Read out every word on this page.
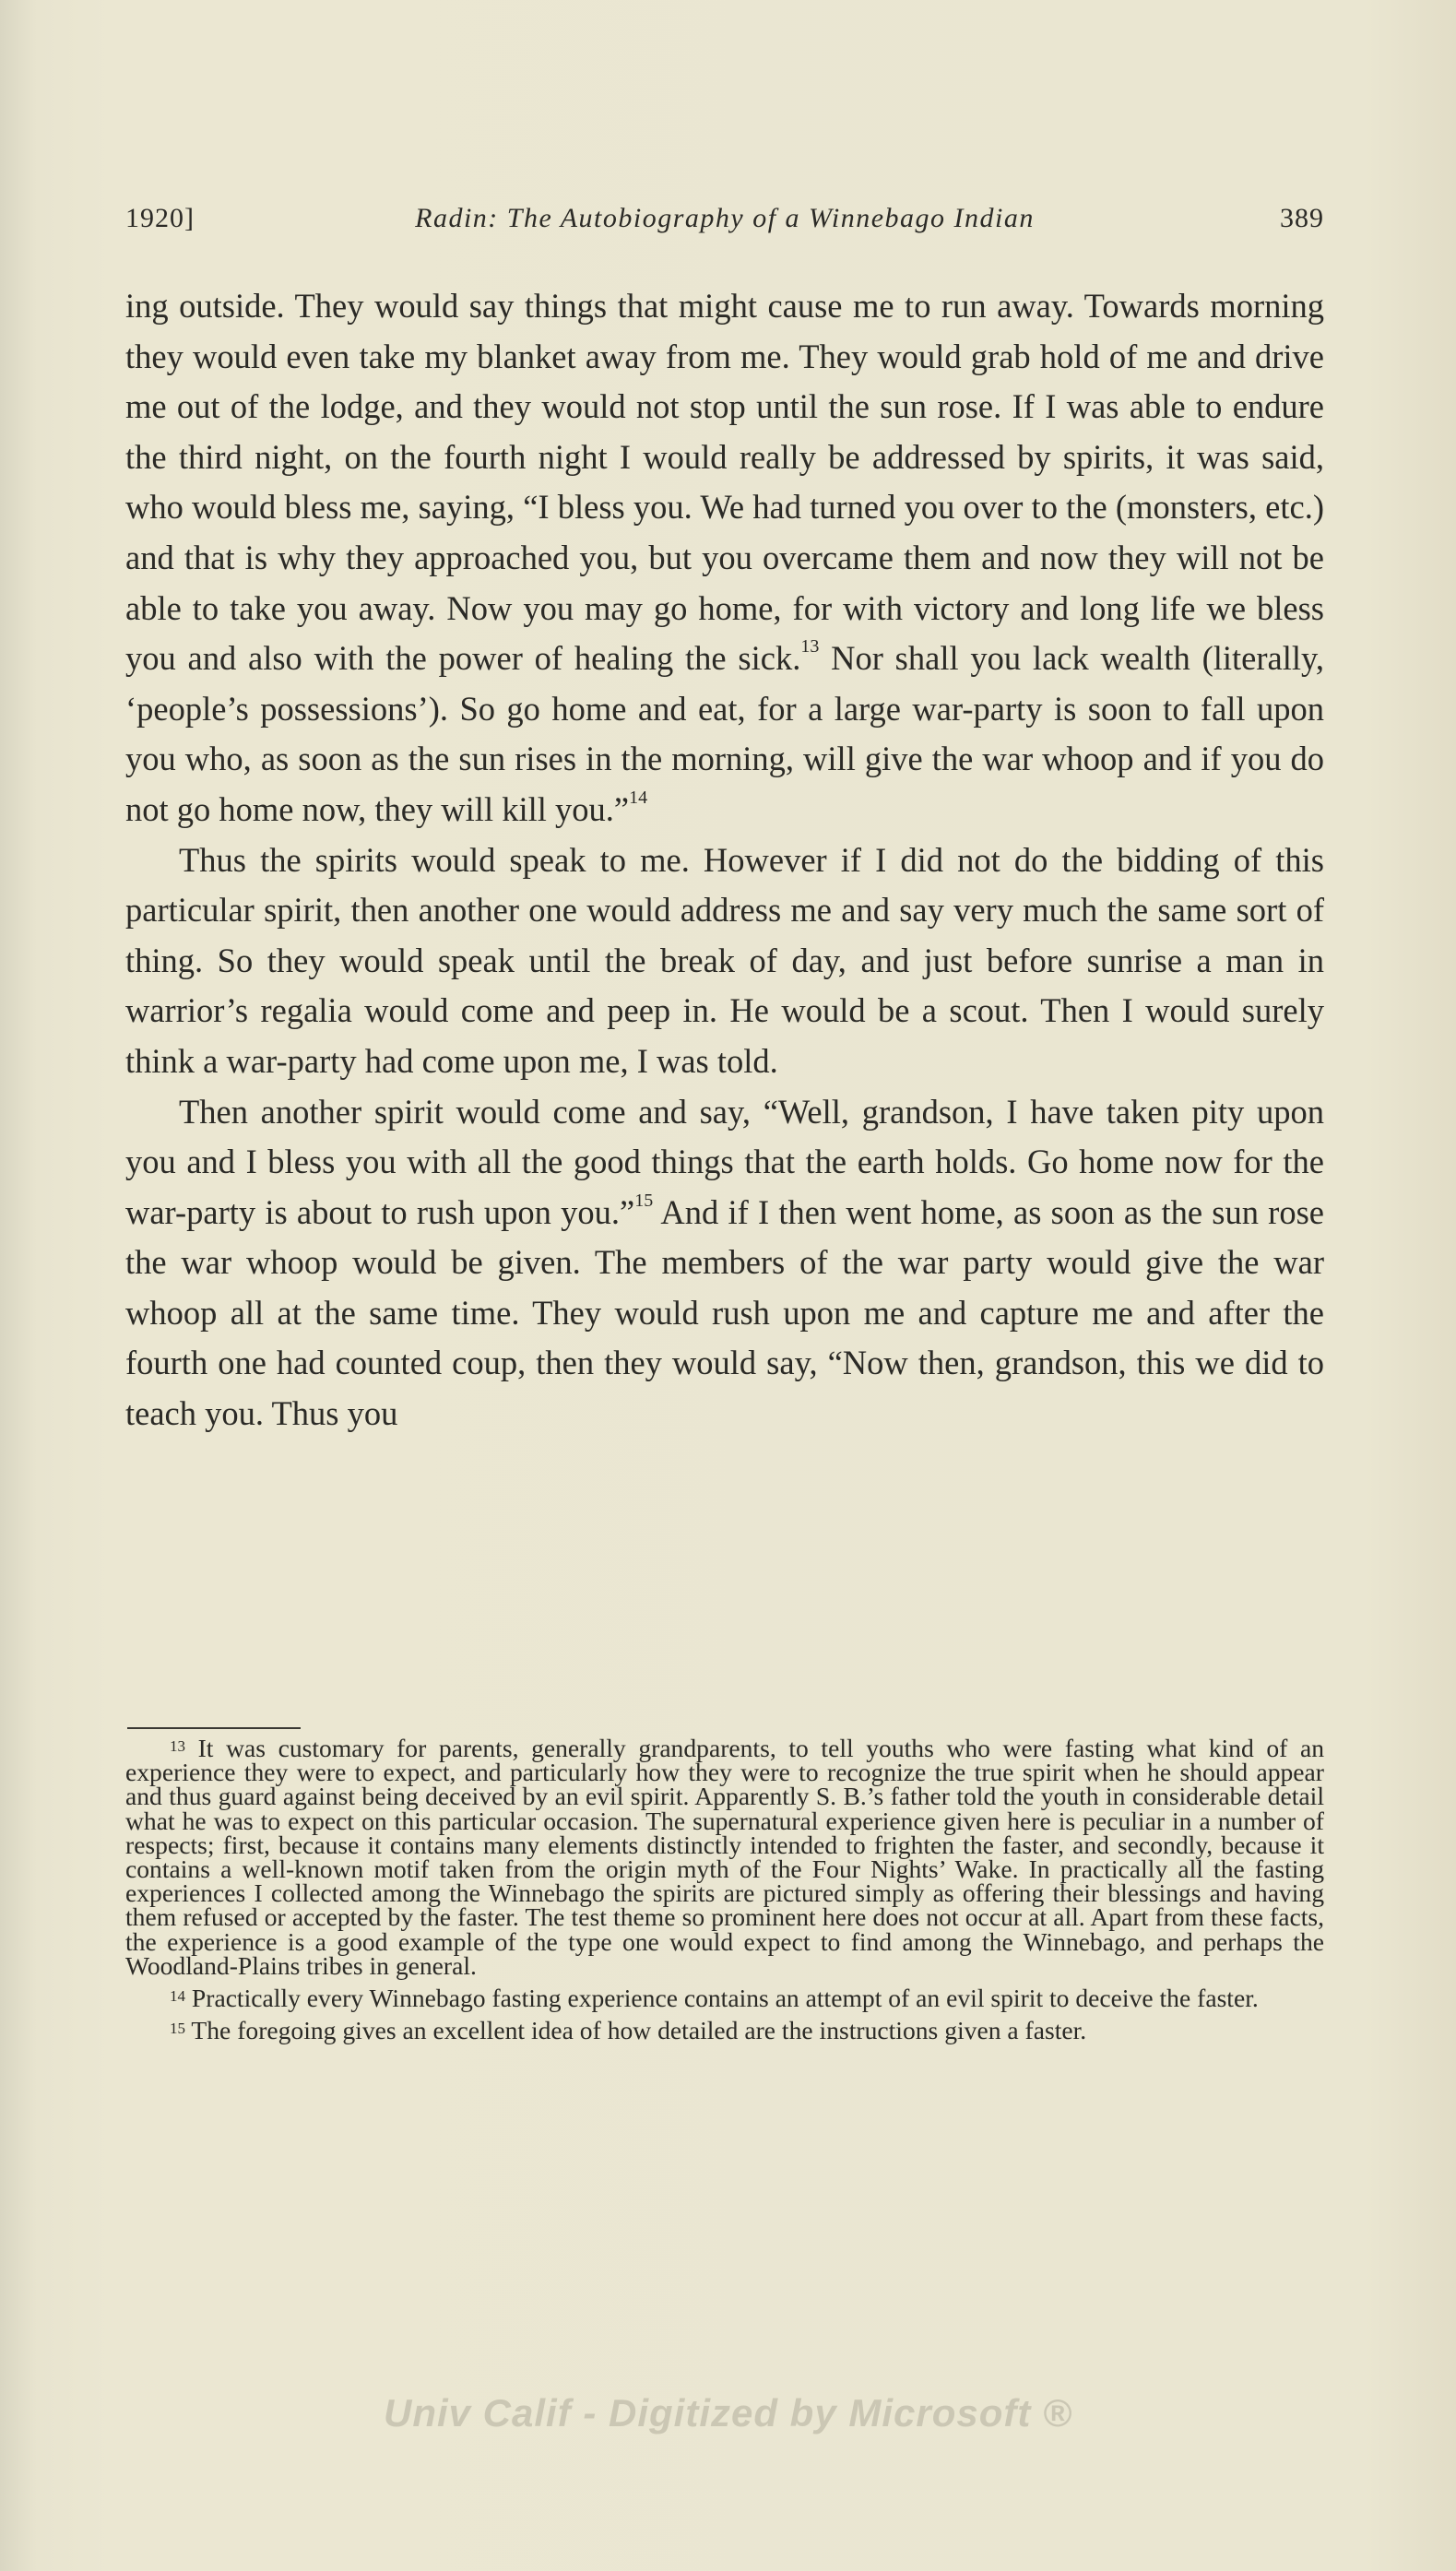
1920]	Radin: The Autobiography of a Winnebago Indian	389

ing outside. They would say things that might cause me to run away. Towards morning they would even take my blanket away from me. They would grab hold of me and drive me out of the lodge, and they would not stop until the sun rose. If I was able to endure the third night, on the fourth night I would really be addressed by spirits, it was said, who would bless me, saying, “I bless you. We had turned you over to the (monsters, etc.) and that is why they approached you, but you overcame them and now they will not be able to take you away. Now you may go home, for with victory and long life we bless you and also with the power of healing the sick.$^{13}$ Nor shall you lack wealth (literally, ‘people’s possessions’). So go home and eat, for a large war-party is soon to fall upon you who, as soon as the sun rises in the morning, will give the war whoop and if you do not go home now, they will kill you.”$^{14}$

Thus the spirits would speak to me. However if I did not do the bidding of this particular spirit, then another one would address me and say very much the same sort of thing. So they would speak until the break of day, and just before sunrise a man in warrior’s regalia would come and peep in. He would be a scout. Then I would surely think a war-party had come upon me, I was told.

Then another spirit would come and say, “Well, grandson, I have taken pity upon you and I bless you with all the good things that the earth holds. Go home now for the war-party is about to rush upon you.”$^{15}$ And if I then went home, as soon as the sun rose the war whoop would be given. The members of the war party would give the war whoop all at the same time. They would rush upon me and capture me and after the fourth one had counted coup, then they would say, “Now then, grandson, this we did to teach you. Thus you

$^{13}$ It was customary for parents, generally grandparents, to tell youths who were fasting what kind of an experience they were to expect, and particularly how they were to recognize the true spirit when he should appear and thus guard against being deceived by an evil spirit. Apparently S. B.’s father told the youth in considerable detail what he was to expect on this particular occasion. The supernatural experience given here is peculiar in a number of respects; first, because it contains many elements distinctly intended to frighten the faster, and secondly, because it contains a well-known motif taken from the origin myth of the Four Nights’ Wake. In practically all the fasting experiences I collected among the Winnebago the spirits are pictured simply as offering their blessings and having them refused or accepted by the faster. The test theme so prominent here does not occur at all. Apart from these facts, the experience is a good example of the type one would expect to find among the Winnebago, and perhaps the Woodland-Plains tribes in general.

$^{14}$ Practically every Winnebago fasting experience contains an attempt of an evil spirit to deceive the faster.

$^{15}$ The foregoing gives an excellent idea of how detailed are the instructions given a faster.

Univ Calif - Digitized by Microsoft ®
